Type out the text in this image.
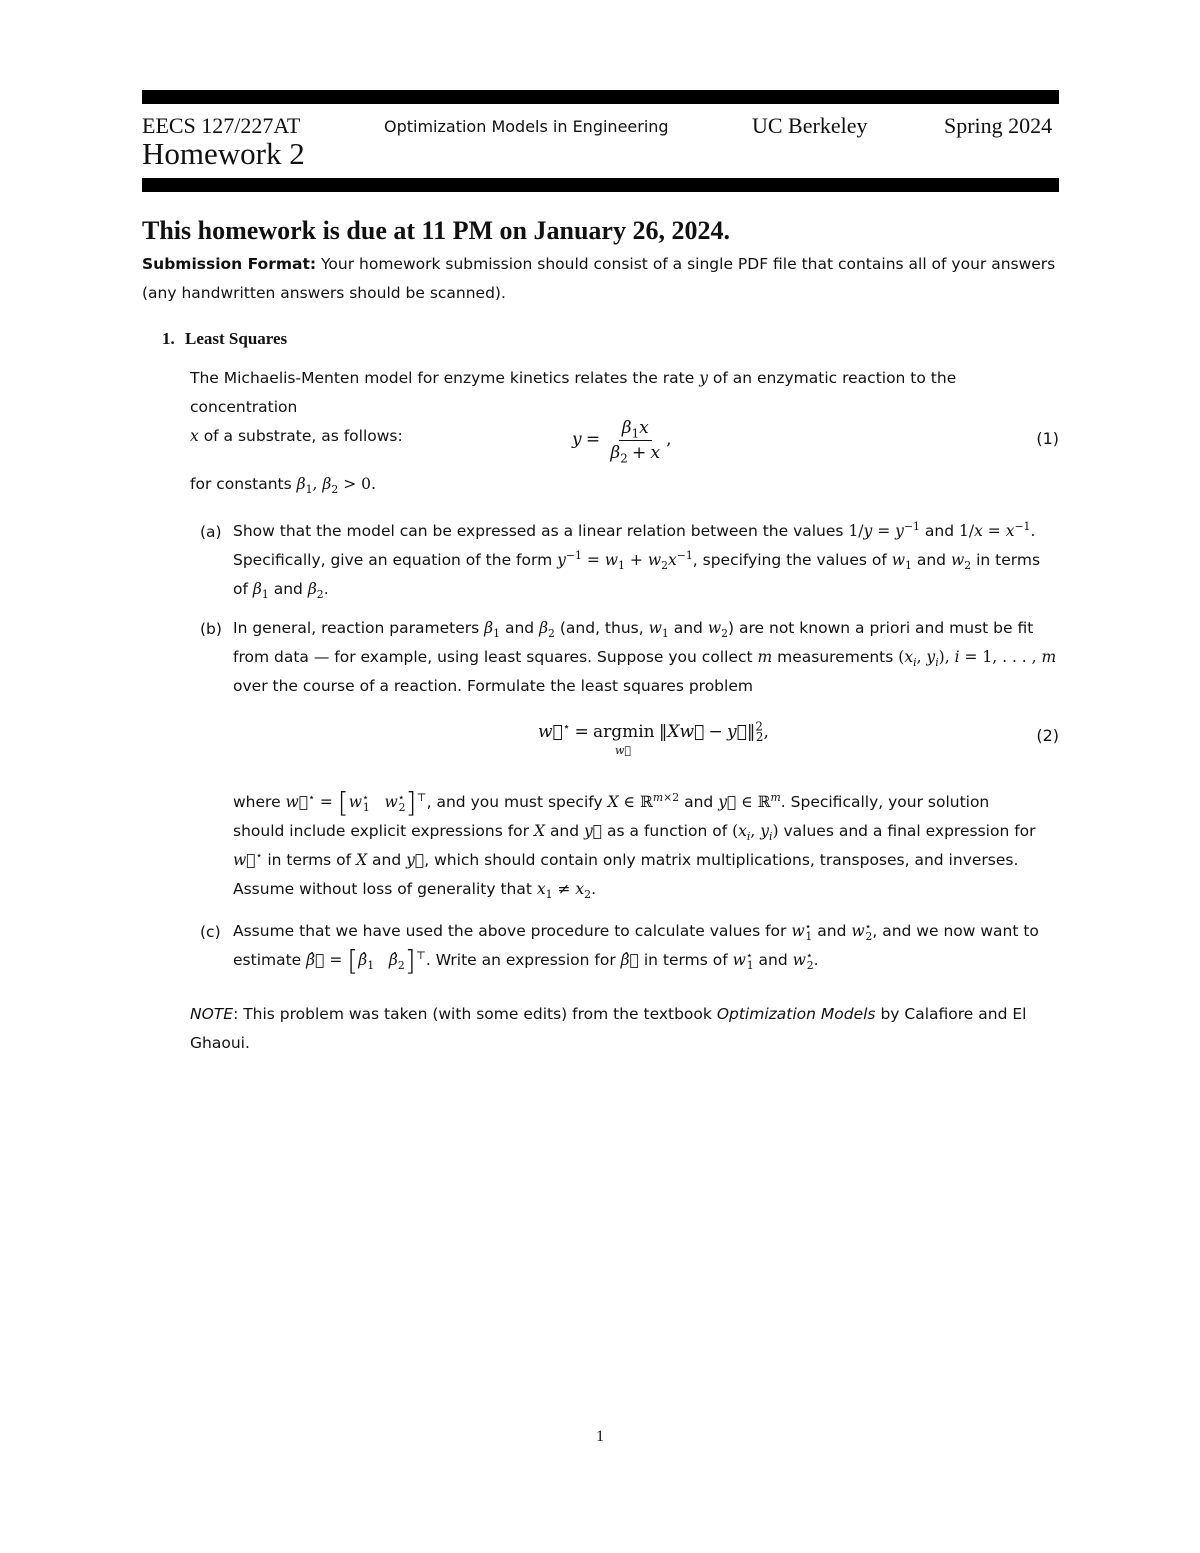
EECS 127/227AT	Optimization Models in Engineering	UC Berkeley	Spring 2024
Homework 2
This homework is due at 11 PM on January 26, 2024.
Submission Format: Your homework submission should consist of a single PDF file that contains all of your answers
(any handwritten answers should be scanned).
1. Least Squares
The Michaelis-Menten model for enzyme kinetics relates the rate y of an enzymatic reaction to the concentration
x of a substrate, as follows:	$y = \frac{\beta_1x}{\beta_2 + x}$ ,	(1)
for constants $\beta_1$, $\beta_2 > 0$.
(a) Show that the model can be expressed as a linear relation between the values $1/y = y^{-1}$ and $1/x = x^{-1}$.
Specifically, give an equation of the form $y^{-1} = w_1 + w_2x^{-1}$, specifying the values of $w_1$ and $w_2$ in terms
of $\beta_1$ and $\beta_2$.
(b) In general, reaction parameters $\beta_1$ and $\beta_2$ (and, thus, $w_1$ and $w_2$) are not known a priori and must be fit
from data — for example, using least squares. Suppose you collect m measurements ($x_i$, $y_i$), i = 1, . . . , m
over the course of a reaction. Formulate the least squares problem
w⃗⋆ = argmin
w⃗
‖Xw⃗ − y⃗‖$^2_2$,	(2)
where w⃗⋆ = [$w^⋆_1$ $w^⋆_2]^⊤$, and you must specify X ∈ ℝ$^{m\times 2}$ and y⃗ ∈ ℝ$^m$. Specifically, your solution
should include explicit expressions for X and y⃗ as a function of ($x_i$, $y_i$) values and a final expression for
w⃗⋆ in terms of X and y⃗, which should contain only matrix multiplications, transposes, and inverses.
Assume without loss of generality that $x_1 \ne x_2$.
(c) Assume that we have used the above procedure to calculate values for $w^⋆_1$ and $w^⋆_2$, and we now want to
estimate β̂⃗ = [$\betâ_1$ $\betâ_2]^⊤$. Write an expression for β̂⃗ in terms of $w^⋆_1$ and $w^⋆_2$.
NOTE: This problem was taken (with some edits) from the textbook Optimization Models by Calafiore and El
Ghaoui.
1
